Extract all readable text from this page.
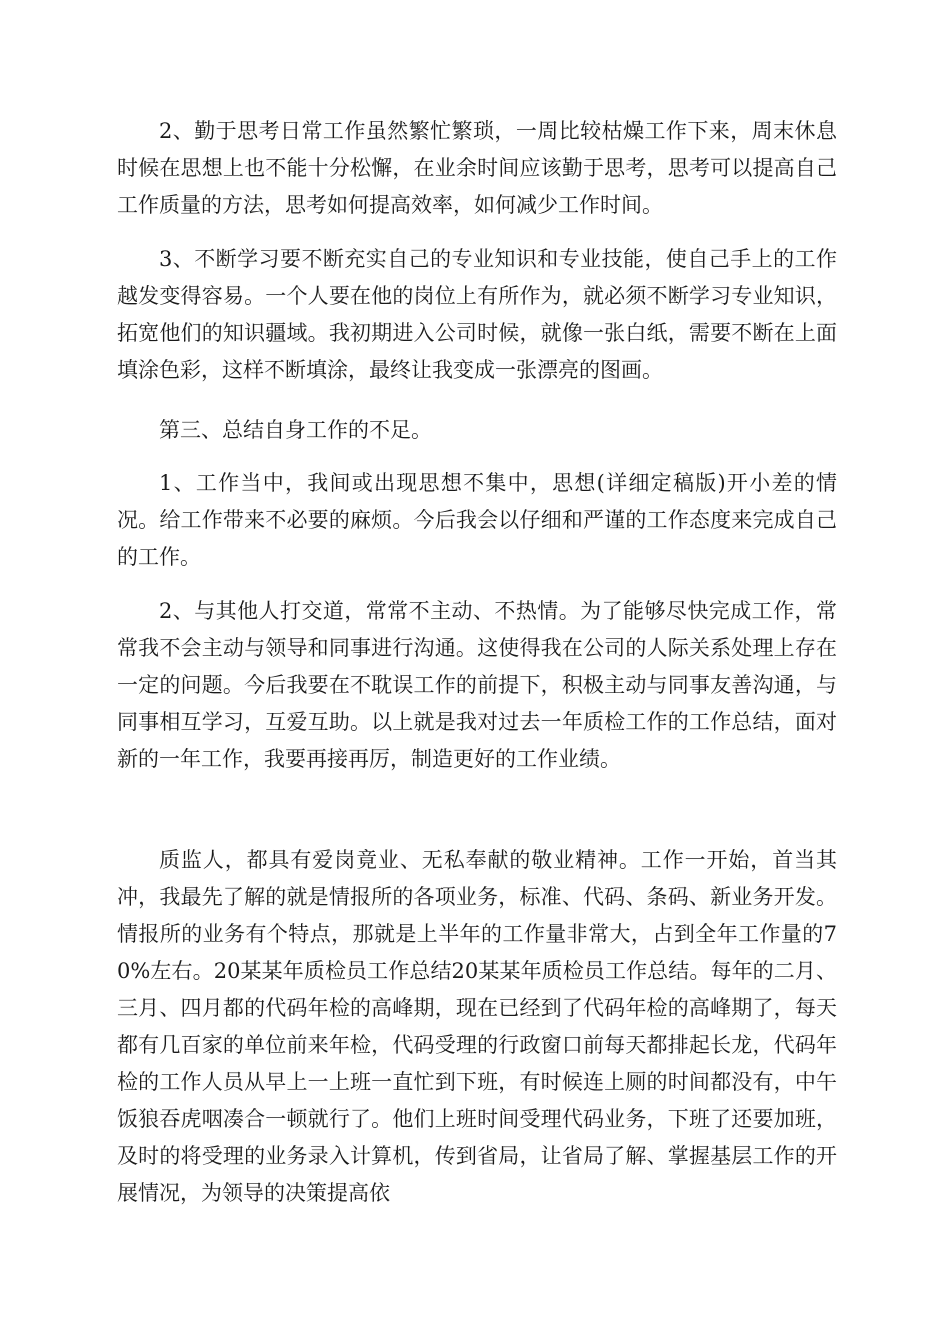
2、勤于思考日常工作虽然繁忙繁琐，一周比较枯燥工作下来，周末休息时候在思想上也不能十分松懈，在业余时间应该勤于思考，思考可以提高自己工作质量的方法，思考如何提高效率，如何减少工作时间。

3、不断学习要不断充实自己的专业知识和专业技能，使自己手上的工作越发变得容易。一个人要在他的岗位上有所作为，就必须不断学习专业知识，拓宽他们的知识疆域。我初期进入公司时候，就像一张白纸，需要不断在上面填涂色彩，这样不断填涂，最终让我变成一张漂亮的图画。

第三、总结自身工作的不足。

1、工作当中，我间或出现思想不集中，思想(详细定稿版)开小差的情况。给工作带来不必要的麻烦。今后我会以仔细和严谨的工作态度来完成自己的工作。

2、与其他人打交道，常常不主动、不热情。为了能够尽快完成工作，常常我不会主动与领导和同事进行沟通。这使得我在公司的人际关系处理上存在一定的问题。今后我要在不耽误工作的前提下，积极主动与同事友善沟通，与同事相互学习，互爱互助。以上就是我对过去一年质检工作的工作总结，面对新的一年工作，我要再接再厉，制造更好的工作业绩。

质监人，都具有爱岗竟业、无私奉献的敬业精神。工作一开始，首当其冲，我最先了解的就是情报所的各项业务，标准、代码、条码、新业务开发。情报所的业务有个特点，那就是上半年的工作量非常大，占到全年工作量的70%左右。20某某年质检员工作总结20某某年质检员工作总结。每年的二月、三月、四月都的代码年检的高峰期，现在已经到了代码年检的高峰期了，每天都有几百家的单位前来年检，代码受理的行政窗口前每天都排起长龙，代码年检的工作人员从早上一上班一直忙到下班，有时候连上厕的时间都没有，中午饭狼吞虎咽凑合一顿就行了。他们上班时间受理代码业务，下班了还要加班，及时的将受理的业务录入计算机，传到省局，让省局了解、掌握基层工作的开展情况，为领导的决策提高依
